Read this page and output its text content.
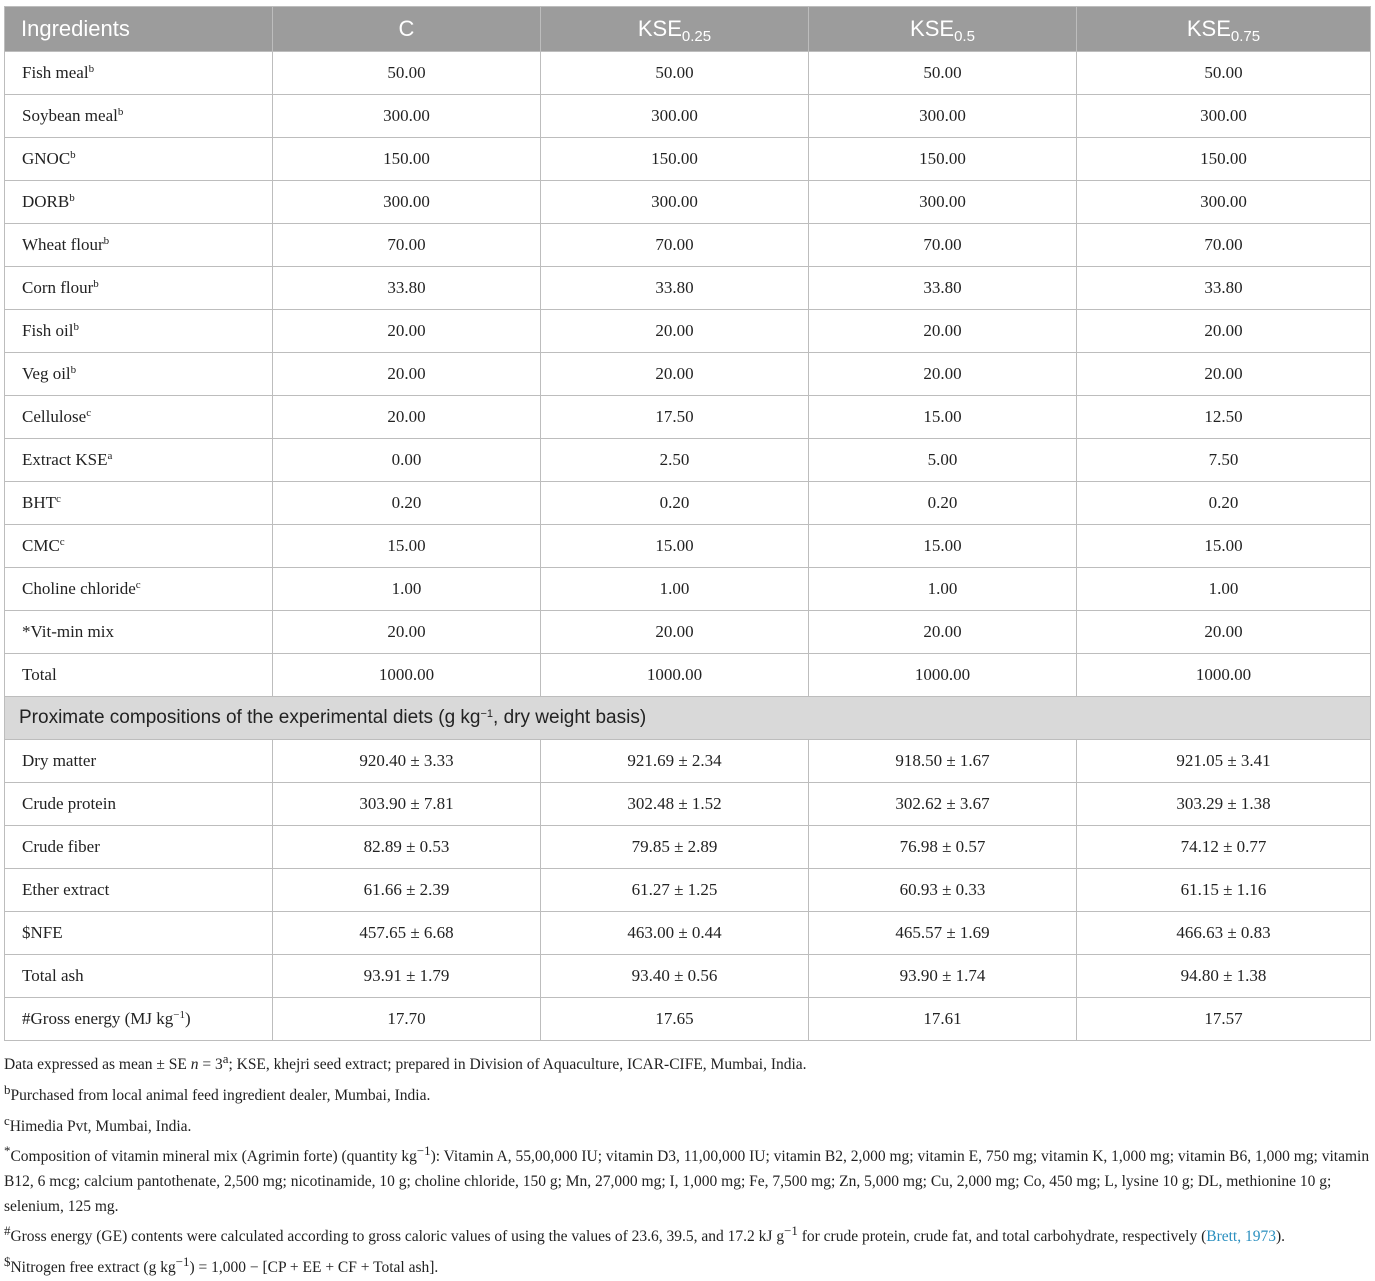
Ingredients	C	$KSE_{0.25}$	$KSE_{0.5}$	$KSE_{0.75}$
Fish meal$^b$	50.00	50.00	50.00	50.00
Soybean meal$^b$	300.00	300.00	300.00	300.00
GNOC$^b$	150.00	150.00	150.00	150.00
DORB$^b$	300.00	300.00	300.00	300.00
Wheat flour$^b$	70.00	70.00	70.00	70.00
Corn flour$^b$	33.80	33.80	33.80	33.80
Fish oil$^b$	20.00	20.00	20.00	20.00
Veg oil$^b$	20.00	20.00	20.00	20.00
Cellulose$^c$	20.00	17.50	15.00	12.50
Extract KSE$^a$	0.00	2.50	5.00	7.50
BHT$^c$	0.20	0.20	0.20	0.20
CMC$^c$	15.00	15.00	15.00	15.00
Choline chloride$^c$	1.00	1.00	1.00	1.00
*Vit-min mix	20.00	20.00	20.00	20.00
Total	1000.00	1000.00	1000.00	1000.00
Proximate compositions of the experimental diets (g $kg^{-1}$, dry weight basis)				
Dry matter	920.40 ± 3.33	921.69 ± 2.34	918.50 ± 1.67	921.05 ± 3.41
Crude protein	303.90 ± 7.81	302.48 ± 1.52	302.62 ± 3.67	303.29 ± 1.38
Crude fiber	82.89 ± 0.53	79.85 ± 2.89	76.98 ± 0.57	74.12 ± 0.77
Ether extract	61.66 ± 2.39	61.27 ± 1.25	60.93 ± 0.33	61.15 ± 1.16
$NFE	457.65 ± 6.68	463.00 ± 0.44	465.57 ± 1.69	466.63 ± 0.83
Total ash	93.91 ± 1.79	93.40 ± 0.56	93.90 ± 1.74	94.80 ± 1.38
#Gross energy (MJ $kg^{-1}$)	17.70	17.65	17.61	17.57

Data expressed as mean ± SE $n = 3^a$; KSE, khejri seed extract; prepared in Division of Aquaculture, ICAR-CIFE, Mumbai, India.

$^b$Purchased from local animal feed ingredient dealer, Mumbai, India.

$^c$Himedia Pvt, Mumbai, India.

*Composition of vitamin mineral mix (Agrimin forte) (quantity $kg^{-1}$): Vitamin A, 55,00,000 IU; vitamin D3, 11,00,000 IU; vitamin B2, 2,000 mg; vitamin E, 750 mg; vitamin K, 1,000 mg; vitamin B6, 1,000 mg; vitamin B12, 6 mcg; calcium pantothenate, 2,500 mg; nicotinamide, 10 g; choline chloride, 150 g; Mn, 27,000 mg; I, 1,000 mg; Fe, 7,500 mg; Zn, 5,000 mg; Cu, 2,000 mg; Co, 450 mg; L, lysine 10 g; DL, methionine 10 g; selenium, 125 mg.

#Gross energy (GE) contents were calculated according to gross caloric values of using the values of 23.6, 39.5, and 17.2 kJ $g^{-1}$ for crude protein, crude fat, and total carbohydrate, respectively (Brett, 1973).

$Nitrogen free extract (g $kg^{-1}) = 1,000 - [CP$ + EE + CF + Total ash].
